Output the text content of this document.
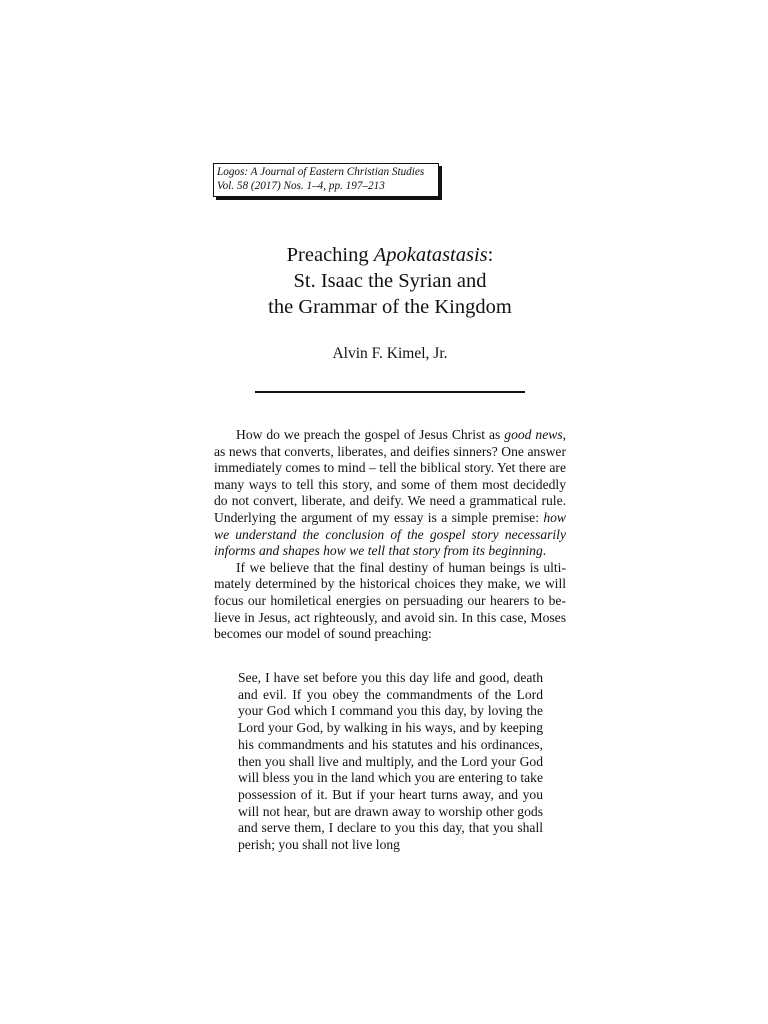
Logos: A Journal of Eastern Christian Studies
Vol. 58 (2017) Nos. 1–4, pp. 197–213
Preaching Apokatastasis:
St. Isaac the Syrian and
the Grammar of the Kingdom
Alvin F. Kimel, Jr.

How do we preach the gospel of Jesus Christ as good news, as news that converts, liberates, and deifies sinners? One answer immediately comes to mind – tell the biblical story. Yet there are many ways to tell this story, and some of them most decidedly do not convert, liberate, and deify. We need a grammatical rule. Underlying the argument of my essay is a simple premise: how we understand the conclusion of the gospel story necessarily informs and shapes how we tell that story from its beginning.

If we believe that the final destiny of human beings is ultimately determined by the historical choices they make, we will focus our homiletical energies on persuading our hearers to believe in Jesus, act righteously, and avoid sin. In this case, Moses becomes our model of sound preaching:

See, I have set before you this day life and good, death and evil. If you obey the commandments of the Lord your God which I command you this day, by loving the Lord your God, by walking in his ways, and by keeping his commandments and his statutes and his ordinances, then you shall live and multiply, and the Lord your God will bless you in the land which you are entering to take possession of it. But if your heart turns away, and you will not hear, but are drawn away to worship other gods and serve them, I declare to you this day, that you shall perish; you shall not live long
